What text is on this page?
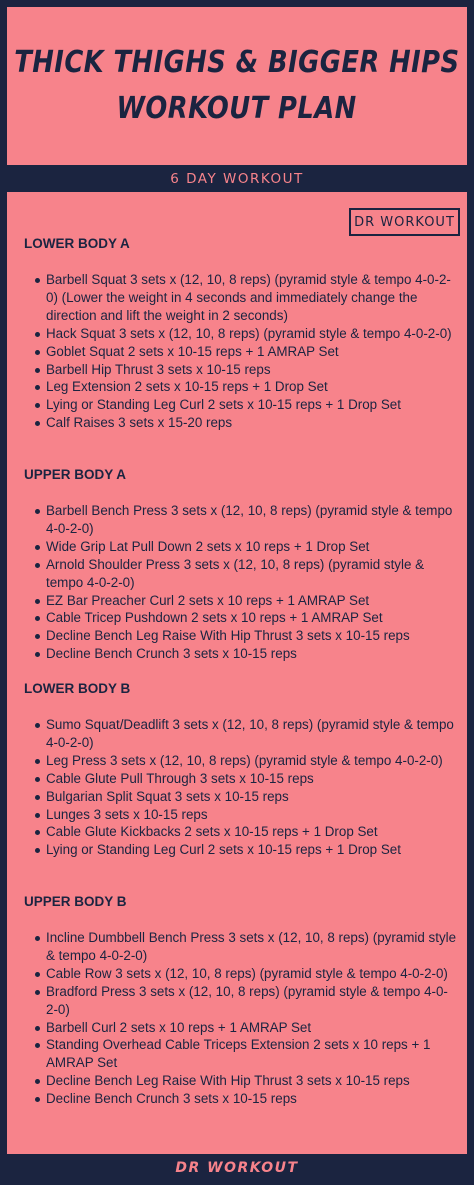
THICK THIGHS & BIGGER HIPS
WORKOUT PLAN
6 DAY WORKOUT
DR WORKOUT
LOWER BODY A
Barbell Squat 3 sets x (12, 10, 8 reps) (pyramid style & tempo 4-0-2-0) (Lower the weight in 4 seconds and immediately change the direction and lift the weight in 2 seconds)
Hack Squat 3 sets x (12, 10, 8 reps) (pyramid style & tempo 4-0-2-0)
Goblet Squat 2 sets x 10-15 reps + 1 AMRAP Set
Barbell Hip Thrust 3 sets x 10-15 reps
Leg Extension 2 sets x 10-15 reps + 1 Drop Set
Lying or Standing Leg Curl 2 sets x 10-15 reps + 1 Drop Set
Calf Raises 3 sets x 15-20 reps
UPPER BODY A
Barbell Bench Press 3 sets x (12, 10, 8 reps) (pyramid style & tempo 4-0-2-0)
Wide Grip Lat Pull Down 2 sets x 10 reps + 1 Drop Set
Arnold Shoulder Press 3 sets x (12, 10, 8 reps) (pyramid style & tempo 4-0-2-0)
EZ Bar Preacher Curl 2 sets x 10 reps + 1 AMRAP Set
Cable Tricep Pushdown 2 sets x 10 reps + 1 AMRAP Set
Decline Bench Leg Raise With Hip Thrust 3 sets x 10-15 reps
Decline Bench Crunch 3 sets x 10-15 reps
LOWER BODY B
Sumo Squat/Deadlift 3 sets x (12, 10, 8 reps) (pyramid style & tempo 4-0-2-0)
Leg Press 3 sets x (12, 10, 8 reps) (pyramid style & tempo 4-0-2-0)
Cable Glute Pull Through 3 sets x 10-15 reps
Bulgarian Split Squat 3 sets x 10-15 reps
Lunges 3 sets x 10-15 reps
Cable Glute Kickbacks 2 sets x 10-15 reps + 1 Drop Set
Lying or Standing Leg Curl 2 sets x 10-15 reps + 1 Drop Set
UPPER BODY B
Incline Dumbbell Bench Press 3 sets x (12, 10, 8 reps) (pyramid style & tempo 4-0-2-0)
Cable Row 3 sets x (12, 10, 8 reps) (pyramid style & tempo 4-0-2-0)
Bradford Press 3 sets x (12, 10, 8 reps) (pyramid style & tempo 4-0-2-0)
Barbell Curl 2 sets x 10 reps + 1 AMRAP Set
Standing Overhead Cable Triceps Extension 2 sets x 10 reps + 1 AMRAP Set
Decline Bench Leg Raise With Hip Thrust 3 sets x 10-15 reps
Decline Bench Crunch 3 sets x 10-15 reps
DR WORKOUT
